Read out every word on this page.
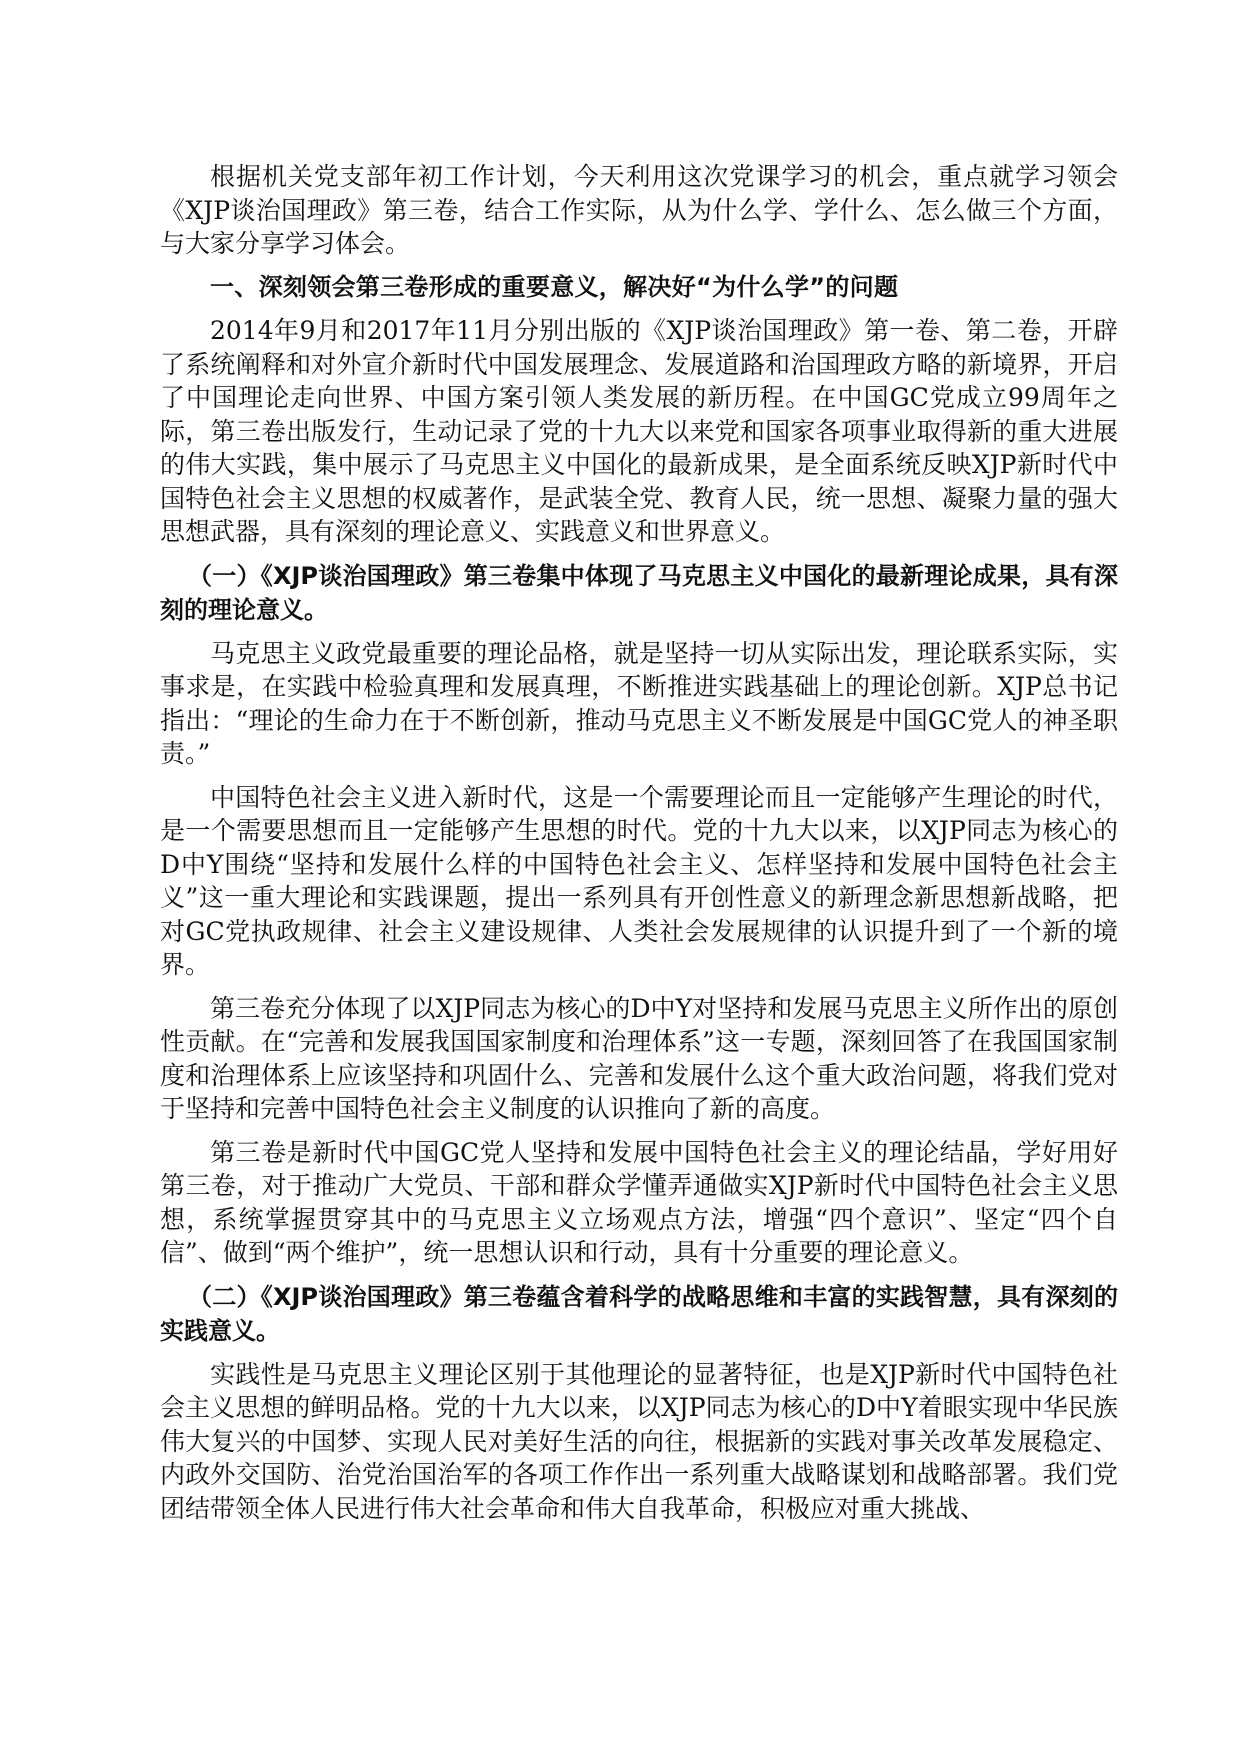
根据机关党支部年初工作计划，今天利用这次党课学习的机会，重点就学习领会《XJP谈治国理政》第三卷，结合工作实际，从为什么学、学什么、怎么做三个方面，与大家分享学习体会。

一、深刻领会第三卷形成的重要意义，解决好“为什么学”的问题

2014年9月和2017年11月分别出版的《XJP谈治国理政》第一卷、第二卷，开辟了系统阐释和对外宣介新时代中国发展理念、发展道路和治国理政方略的新境界，开启了中国理论走向世界、中国方案引领人类发展的新历程。在中国GC党成立99周年之际，第三卷出版发行，生动记录了党的十九大以来党和国家各项事业取得新的重大进展的伟大实践，集中展示了马克思主义中国化的最新成果，是全面系统反映XJP新时代中国特色社会主义思想的权威著作，是武装全党、教育人民，统一思想、凝聚力量的强大思想武器，具有深刻的理论意义、实践意义和世界意义。

（一）《XJP谈治国理政》第三卷集中体现了马克思主义中国化的最新理论成果，具有深刻的理论意义。

马克思主义政党最重要的理论品格，就是坚持一切从实际出发，理论联系实际，实事求是，在实践中检验真理和发展真理，不断推进实践基础上的理论创新。XJP总书记指出：“理论的生命力在于不断创新，推动马克思主义不断发展是中国GC党人的神圣职责。”

中国特色社会主义进入新时代，这是一个需要理论而且一定能够产生理论的时代，是一个需要思想而且一定能够产生思想的时代。党的十九大以来，以XJP同志为核心的D中Y围绕“坚持和发展什么样的中国特色社会主义、怎样坚持和发展中国特色社会主义”这一重大理论和实践课题，提出一系列具有开创性意义的新理念新思想新战略，把对GC党执政规律、社会主义建设规律、人类社会发展规律的认识提升到了一个新的境界。

第三卷充分体现了以XJP同志为核心的D中Y对坚持和发展马克思主义所作出的原创性贡献。在“完善和发展我国国家制度和治理体系”这一专题，深刻回答了在我国国家制度和治理体系上应该坚持和巩固什么、完善和发展什么这个重大政治问题，将我们党对于坚持和完善中国特色社会主义制度的认识推向了新的高度。

第三卷是新时代中国GC党人坚持和发展中国特色社会主义的理论结晶，学好用好第三卷，对于推动广大党员、干部和群众学懂弄通做实XJP新时代中国特色社会主义思想，系统掌握贯穿其中的马克思主义立场观点方法，增强“四个意识”、坚定“四个自信”、做到“两个维护”，统一思想认识和行动，具有十分重要的理论意义。

（二）《XJP谈治国理政》第三卷蕴含着科学的战略思维和丰富的实践智慧，具有深刻的实践意义。

实践性是马克思主义理论区别于其他理论的显著特征，也是XJP新时代中国特色社会主义思想的鲜明品格。党的十九大以来，以XJP同志为核心的D中Y着眼实现中华民族伟大复兴的中国梦、实现人民对美好生活的向往，根据新的实践对事关改革发展稳定、内政外交国防、治党治国治军的各项工作作出一系列重大战略谋划和战略部署。我们党团结带领全体人民进行伟大社会革命和伟大自我革命，积极应对重大挑战、
